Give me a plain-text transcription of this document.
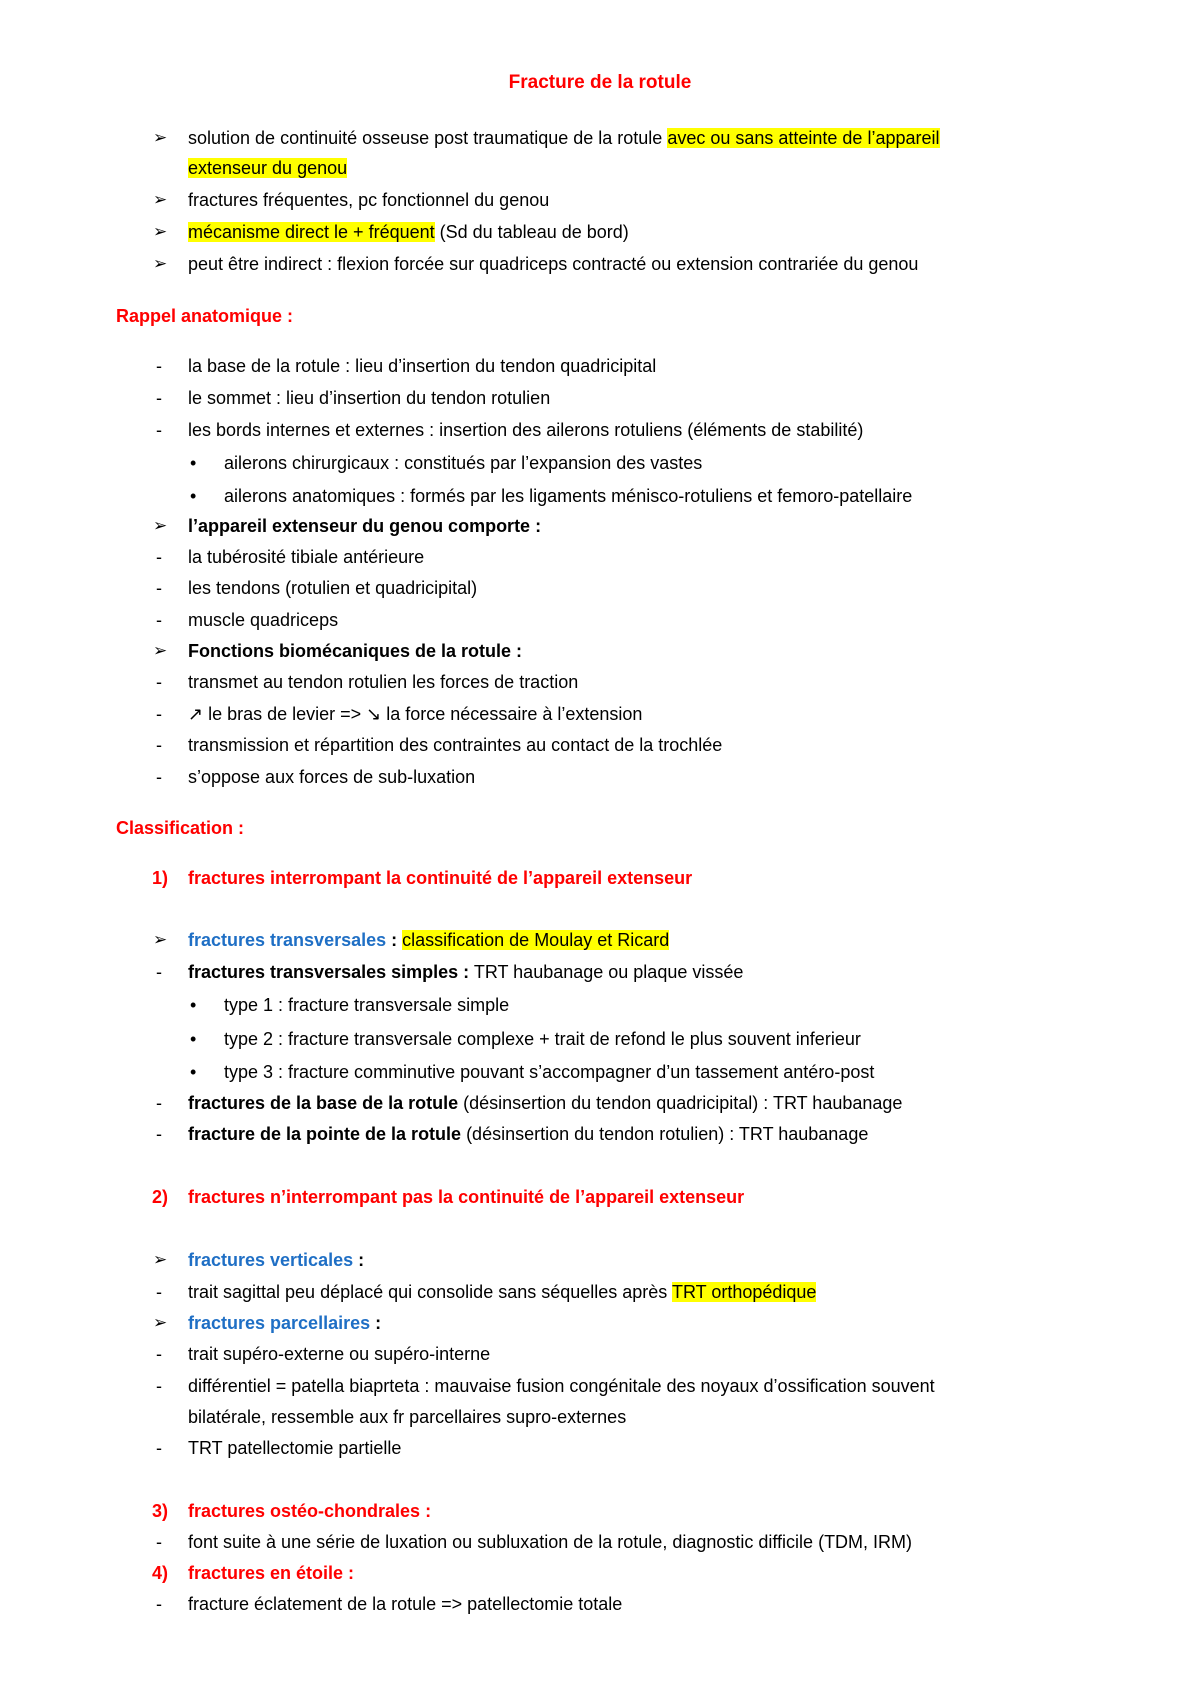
Fracture de la rotule
➢	solution de continuité osseuse post traumatique de la rotule avec ou sans atteinte de l’appareil
extenseur du genou
➢	fractures fréquentes, pc fonctionnel du genou
➢	mécanisme direct le + fréquent (Sd du tableau de bord)
➢	peut être indirect : flexion forcée sur quadriceps contracté ou extension contrariée du genou
Rappel anatomique :
-	la base de la rotule : lieu d’insertion du tendon quadricipital
-	le sommet : lieu d’insertion du tendon rotulien
-	les bords internes et externes : insertion des ailerons rotuliens (éléments de stabilité)
•	ailerons chirurgicaux : constitués par l’expansion des vastes
•	ailerons anatomiques : formés par les ligaments ménisco-rotuliens et femoro-patellaire
➢	l’appareil extenseur du genou comporte :
-	la tubérosité tibiale antérieure
-	les tendons (rotulien et quadricipital)
-	muscle quadriceps
➢	Fonctions biomécaniques de la rotule :
-	transmet au tendon rotulien les forces de traction
-	↗ le bras de levier => ↘ la force nécessaire à l’extension
-	transmission et répartition des contraintes au contact de la trochlée
-	s’oppose aux forces de sub-luxation
Classification :
1)	fractures interrompant la continuité de l’appareil extenseur
➢	fractures transversales : classification de Moulay et Ricard
-	fractures transversales simples : TRT haubanage ou plaque vissée
•	type 1 : fracture transversale simple
•	type 2 : fracture transversale complexe + trait de refond le plus souvent inferieur
•	type 3 : fracture comminutive pouvant s’accompagner d’un tassement antéro-post
-	fractures de la base de la rotule (désinsertion du tendon quadricipital) : TRT haubanage
-	fracture de la pointe de la rotule (désinsertion du tendon rotulien) : TRT haubanage
2)	fractures n’interrompant pas la continuité de l’appareil extenseur
➢	fractures verticales :
-	trait sagittal peu déplacé qui consolide sans séquelles après TRT orthopédique
➢	fractures parcellaires :
-	trait supéro-externe ou supéro-interne
-	différentiel = patella biaprteta : mauvaise fusion congénitale des noyaux d’ossification souvent
bilatérale, ressemble aux fr parcellaires supro-externes
-	TRT patellectomie partielle
3)	fractures ostéo-chondrales :
-	font suite à une série de luxation ou subluxation de la rotule, diagnostic difficile (TDM, IRM)
4)	fractures en étoile :
-	fracture éclatement de la rotule => patellectomie totale
